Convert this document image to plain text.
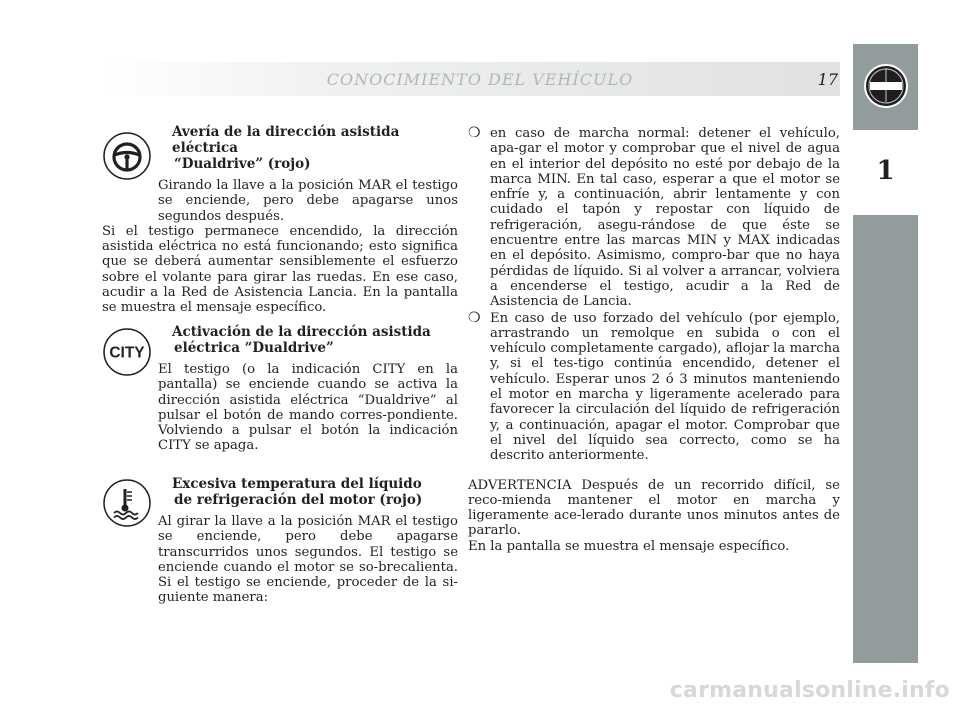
CONOCIMIENTO DEL VEHÍCULO	17
1
Avería de la dirección asistida eléctrica
“Dualdrive” (rojo)

Girando la llave a la posición MAR el testigo se enciende, pero debe apagarse unos segundos después.

Si el testigo permanece encendido, la dirección asistida eléctrica no está funcionando; esto significa que se deberá aumentar sensiblemente el esfuerzo sobre el volante para girar las ruedas. En ese caso, acudir a la Red de Asistencia Lancia. En la pantalla se muestra el mensaje específico.

CITY
Activación de la dirección asistida
eléctrica “Dualdrive”

El testigo (o la indicación CITY en la pantalla) se enciende cuando se activa la dirección asistida eléctrica “Dualdrive” al pulsar el botón de mando corres-pondiente. Volviendo a pulsar el botón la indicación CITY se apaga.

Excesiva temperatura del líquido
de refrigeración del motor (rojo)

Al girar la llave a la posición MAR el testigo se enciende, pero debe apagarse transcurridos unos segundos. El testigo se enciende cuando el motor se so-brecalienta. Si el testigo se enciende, proceder de la si-guiente manera:

❍ en caso de marcha normal: detener el vehículo, apa-gar el motor y comprobar que el nivel de agua en el interior del depósito no esté por debajo de la marca MIN. En tal caso, esperar a que el motor se enfríe y, a continuación, abrir lentamente y con cuidado el tapón y repostar con líquido de refrigeración, asegu-rándose de que éste se encuentre entre las marcas MIN y MAX indicadas en el depósito. Asimismo, compro-bar que no haya pérdidas de líquido. Si al volver a arrancar, volviera a encenderse el testigo, acudir a la Red de Asistencia de Lancia.

❍ En caso de uso forzado del vehículo (por ejemplo, arrastrando un remolque en subida o con el vehículo completamente cargado), aflojar la marcha y, si el tes-tigo continúa encendido, detener el vehículo. Esperar unos 2 ó 3 minutos manteniendo el motor en marcha y ligeramente acelerado para favorecer la circulación del líquido de refrigeración y, a continuación, apagar el motor. Comprobar que el nivel del líquido sea correcto, como se ha descrito anteriormente.

ADVERTENCIA Después de un recorrido difícil, se reco-mienda mantener el motor en marcha y ligeramente ace-lerado durante unos minutos antes de pararlo.

En la pantalla se muestra el mensaje específico.

carmanualsonline.info
